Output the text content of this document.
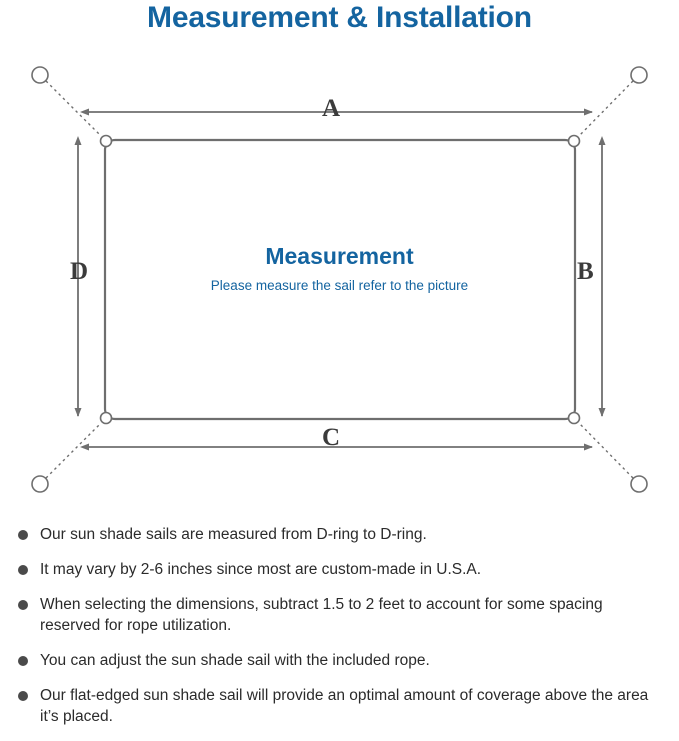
Measurement & Installation
Measurement
Please measure the sail refer to the picture
A
B
C
D
Our sun shade sails are measured from D-ring to D-ring.
It may vary by 2-6 inches since most are custom-made in U.S.A.
When selecting the dimensions, subtract 1.5 to 2 feet to account for some spacing reserved for rope utilization.
You can adjust the sun shade sail with the included rope.
Our flat-edged sun shade sail will provide an optimal amount of coverage above the area it’s placed.
